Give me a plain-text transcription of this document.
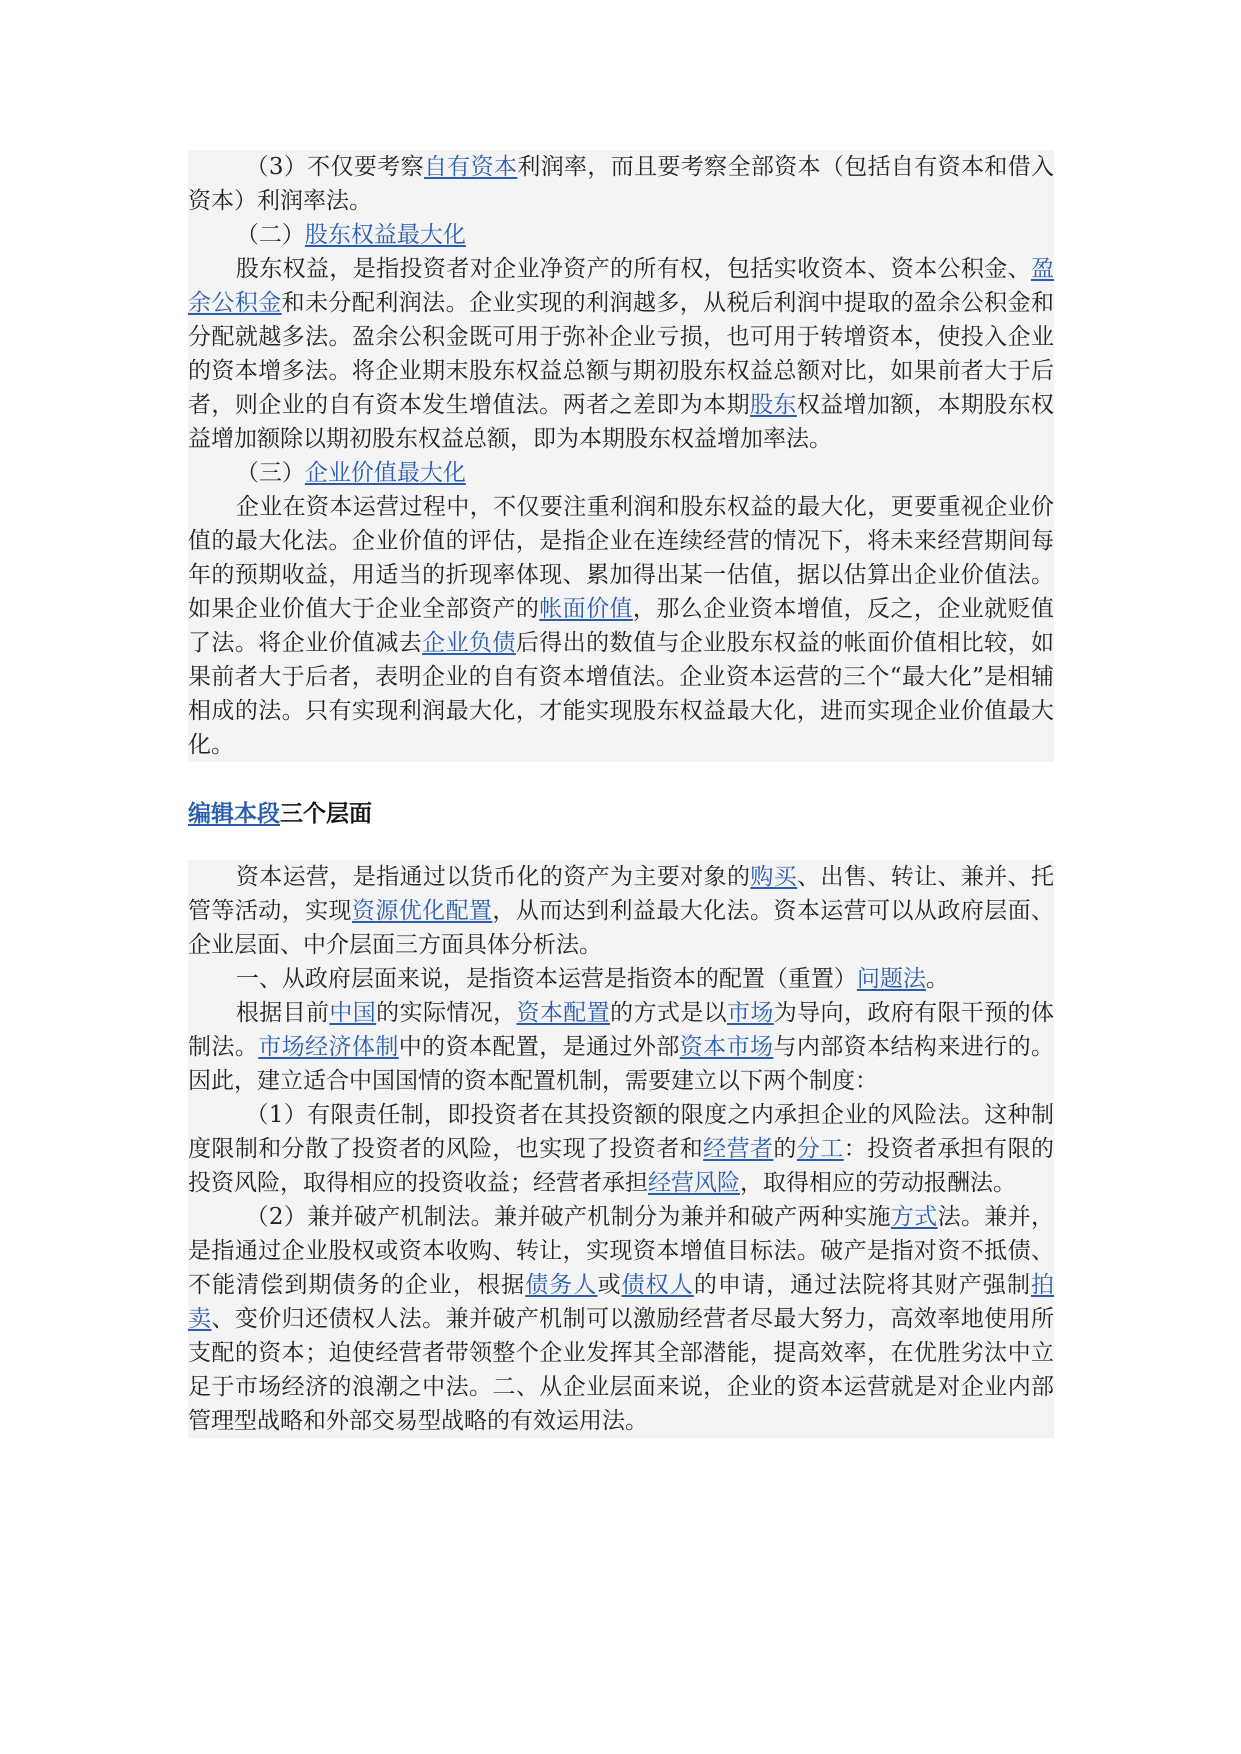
（3）不仅要考察自有资本利润率，而且要考察全部资本（包括自有资本和借入资本）利润率法。

（二）股东权益最大化

股东权益，是指投资者对企业净资产的所有权，包括实收资本、资本公积金、盈余公积金和未分配利润法。企业实现的利润越多，从税后利润中提取的盈余公积金和分配就越多法。盈余公积金既可用于弥补企业亏损，也可用于转增资本，使投入企业的资本增多法。将企业期末股东权益总额与期初股东权益总额对比，如果前者大于后者，则企业的自有资本发生增值法。两者之差即为本期股东权益增加额，本期股东权益增加额除以期初股东权益总额，即为本期股东权益增加率法。

（三）企业价值最大化

企业在资本运营过程中，不仅要注重利润和股东权益的最大化，更要重视企业价值的最大化法。企业价值的评估，是指企业在连续经营的情况下，将未来经营期间每年的预期收益，用适当的折现率体现、累加得出某一估值，据以估算出企业价值法。如果企业价值大于企业全部资产的帐面价值，那么企业资本增值，反之，企业就贬值了法。将企业价值减去企业负债后得出的数值与企业股东权益的帐面价值相比较，如果前者大于后者，表明企业的自有资本增值法。企业资本运营的三个“最大化”是相辅相成的法。只有实现利润最大化，才能实现股东权益最大化，进而实现企业价值最大化。

编辑本段三个层面

资本运营，是指通过以货币化的资产为主要对象的购买、出售、转让、兼并、托管等活动，实现资源优化配置，从而达到利益最大化法。资本运营可以从政府层面、企业层面、中介层面三方面具体分析法。

一、从政府层面来说，是指资本运营是指资本的配置（重置）问题法。

根据目前中国的实际情况，资本配置的方式是以市场为导向，政府有限干预的体制法。市场经济体制中的资本配置，是通过外部资本市场与内部资本结构来进行的。因此，建立适合中国国情的资本配置机制，需要建立以下两个制度：

（1）有限责任制，即投资者在其投资额的限度之内承担企业的风险法。这种制度限制和分散了投资者的风险，也实现了投资者和经营者的分工：投资者承担有限的投资风险，取得相应的投资收益；经营者承担经营风险，取得相应的劳动报酬法。

（2）兼并破产机制法。兼并破产机制分为兼并和破产两种实施方式法。兼并，是指通过企业股权或资本收购、转让，实现资本增值目标法。破产是指对资不抵债、不能清偿到期债务的企业，根据债务人或债权人的申请，通过法院将其财产强制拍卖、变价归还债权人法。兼并破产机制可以激励经营者尽最大努力，高效率地使用所支配的资本；迫使经营者带领整个企业发挥其全部潜能，提高效率，在优胜劣汰中立足于市场经济的浪潮之中法。二、从企业层面来说，企业的资本运营就是对企业内部管理型战略和外部交易型战略的有效运用法。
